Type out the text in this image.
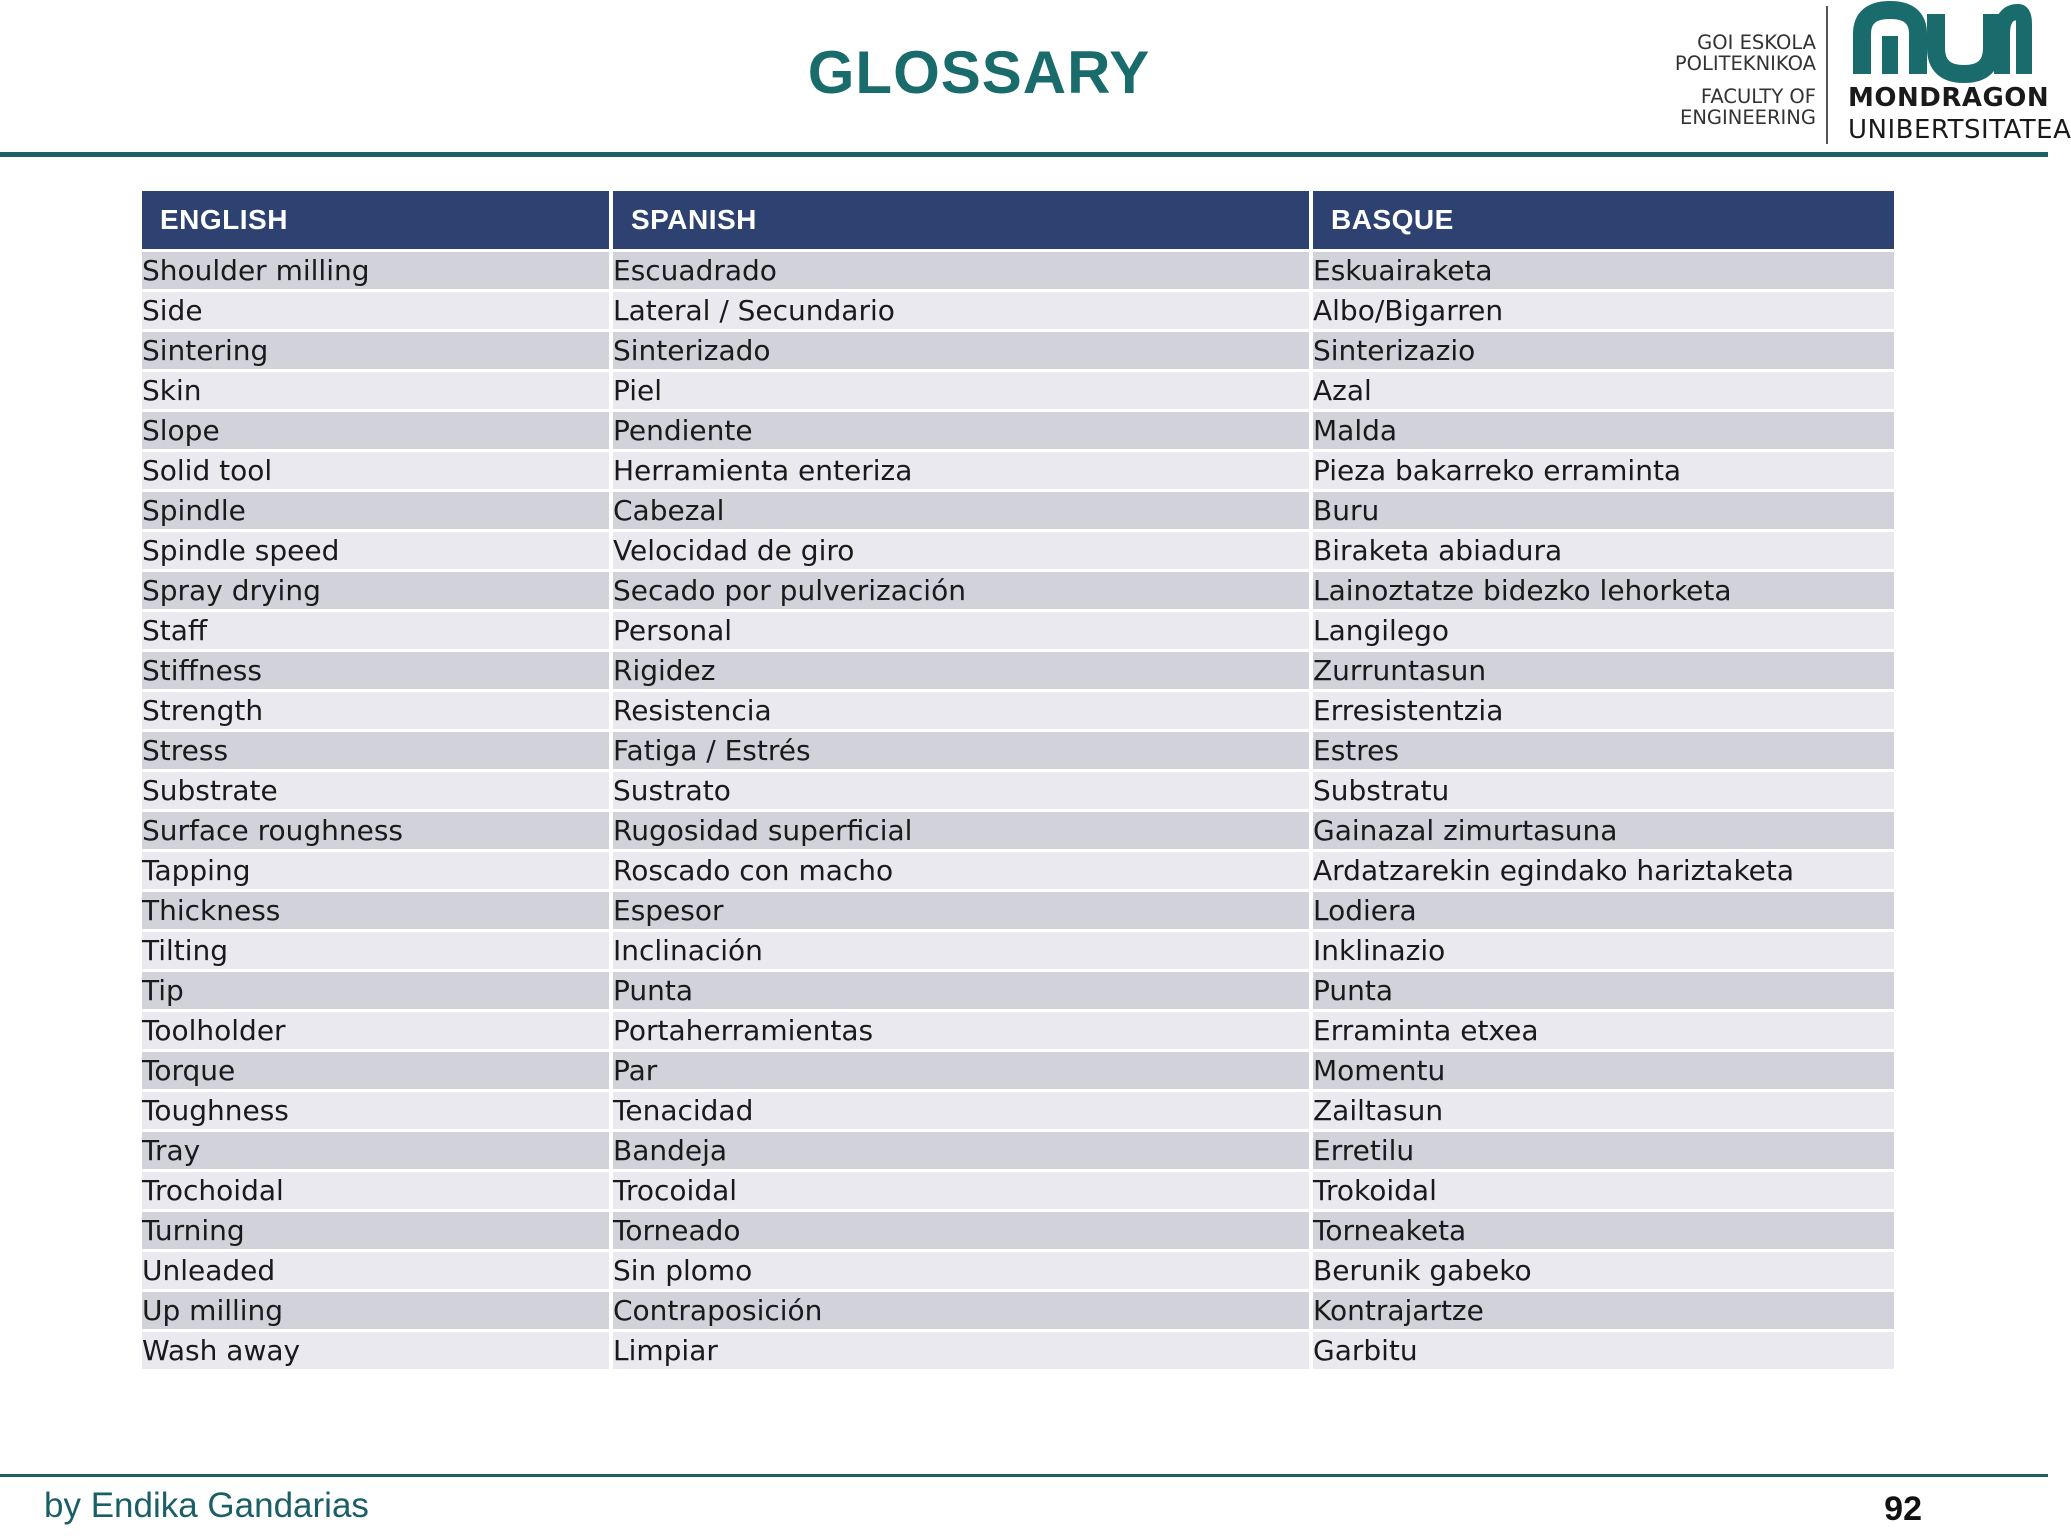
GLOSSARY	GOI ESKOLA
POLITEKNIKOA
FACULTY OF
ENGINEERING
MONDRAGON
UNIBERTSITATEA
ENGLISH	SPANISH	BASQUE
Shoulder milling	Escuadrado	Eskuairaketa
Side	Lateral / Secundario	Albo/Bigarren
Sintering	Sinterizado	Sinterizazio
Skin	Piel	Azal
Slope	Pendiente	Malda
Solid tool	Herramienta enteriza	Pieza bakarreko erraminta
Spindle	Cabezal	Buru
Spindle speed	Velocidad de giro	Biraketa abiadura
Spray drying	Secado por pulverización	Lainoztatze bidezko lehorketa
Staff	Personal	Langilego
Stiffness	Rigidez	Zurruntasun
Strength	Resistencia	Erresistentzia
Stress	Fatiga / Estrés	Estres
Substrate	Sustrato	Substratu
Surface roughness	Rugosidad superficial	Gainazal zimurtasuna
Tapping	Roscado con macho	Ardatzarekin egindako hariztaketa
Thickness	Espesor	Lodiera
Tilting	Inclinación	Inklinazio
Tip	Punta	Punta
Toolholder	Portaherramientas	Erraminta etxea
Torque	Par	Momentu
Toughness	Tenacidad	Zailtasun
Tray	Bandeja	Erretilu
Trochoidal	Trocoidal	Trokoidal
Turning	Torneado	Torneaketa
Unleaded	Sin plomo	Berunik gabeko
Up milling	Contraposición	Kontrajartze
Wash away	Limpiar	Garbitu
by Endika Gandarias	92
